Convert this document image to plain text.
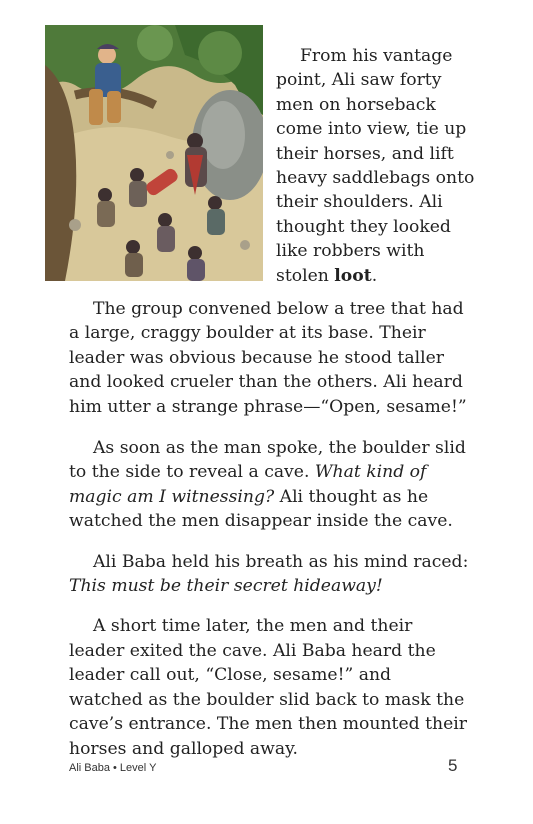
From his vantage point, Ali saw forty men on horseback come into view, tie up their horses, and lift heavy saddlebags onto their shoulders. Ali thought they looked like robbers with stolen loot.

The group convened below a tree that had a large, craggy boulder at its base. Their leader was obvious because he stood taller and looked crueler than the others. Ali heard him utter a strange phrase—“Open, sesame!”

As soon as the man spoke, the boulder slid to the side to reveal a cave. What kind of magic am I witnessing? Ali thought as he watched the men disappear inside the cave.

Ali Baba held his breath as his mind raced: This must be their secret hideaway!

A short time later, the men and their leader exited the cave. Ali Baba heard the leader call out, “Close, sesame!” and watched as the boulder slid back to mask the cave’s entrance. The men then mounted their horses and galloped away.

Ali Baba • Level Y	5
